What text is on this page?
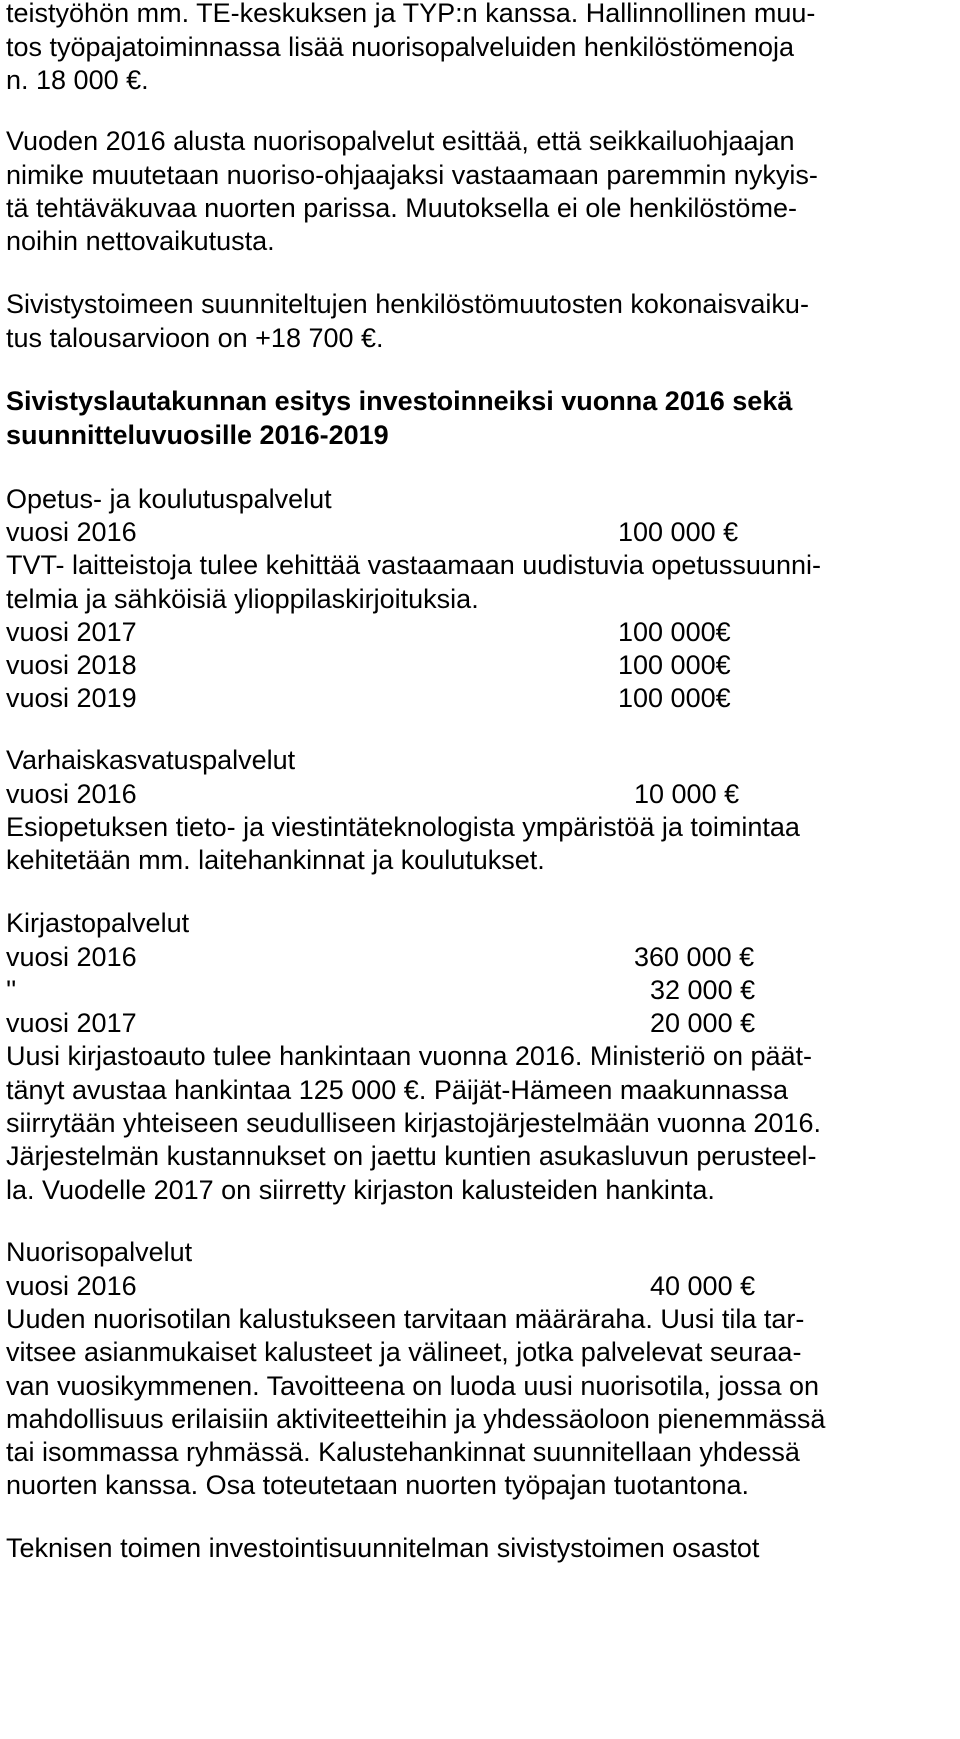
teistyöhön mm. TE-keskuksen ja TYP:n kanssa. Hallinnollinen muu-
tos työpajatoiminnassa lisää nuorisopalveluiden henkilöstömenoja
n. 18 000 €.
Vuoden 2016 alusta nuorisopalvelut esittää, että seikkailuohjaajan
nimike muutetaan nuoriso-ohjaajaksi vastaamaan paremmin nykyis-
tä tehtäväkuvaa nuorten parissa. Muutoksella ei ole henkilöstöme-
noihin nettovaikutusta.
Sivistystoimeen suunniteltujen henkilöstömuutosten kokonaisvaiku-
tus talousarvioon on +18 700 €.
Sivistyslautakunnan esitys investoinneiksi vuonna 2016 sekä
suunnitteluvuosille 2016-2019
Opetus- ja koulutuspalvelut
vuosi 2016	100 000 €
TVT- laitteistoja tulee kehittää vastaamaan uudistuvia opetussuunni-
telmia ja sähköisiä ylioppilaskirjoituksia.
vuosi 2017	100 000€
vuosi 2018	100 000€
vuosi 2019	100 000€
Varhaiskasvatuspalvelut
vuosi 2016	10 000 €
Esiopetuksen tieto- ja viestintäteknologista ympäristöä ja toimintaa
kehitetään mm. laitehankinnat ja koulutukset.
Kirjastopalvelut
vuosi 2016	360 000 €
''	32 000 €
vuosi 2017	20 000 €
Uusi kirjastoauto tulee hankintaan vuonna 2016. Ministeriö on päät-
tänyt avustaa hankintaa 125 000 €. Päijät-Hämeen maakunnassa
siirrytään yhteiseen seudulliseen kirjastojärjestelmään vuonna 2016.
Järjestelmän kustannukset on jaettu kuntien asukasluvun perusteel-
la. Vuodelle 2017 on siirretty kirjaston kalusteiden hankinta.
Nuorisopalvelut
vuosi 2016	40 000 €
Uuden nuorisotilan kalustukseen tarvitaan määräraha. Uusi tila tar-
vitsee asianmukaiset kalusteet ja välineet, jotka palvelevat seuraa-
van vuosikymmenen. Tavoitteena on luoda uusi nuorisotila, jossa on
mahdollisuus erilaisiin aktiviteetteihin ja yhdessäoloon pienemmässä
tai isommassa ryhmässä. Kalustehankinnat suunnitellaan yhdessä
nuorten kanssa. Osa toteutetaan nuorten työpajan tuotantona.
Teknisen toimen investointisuunnitelman sivistystoimen osastot
